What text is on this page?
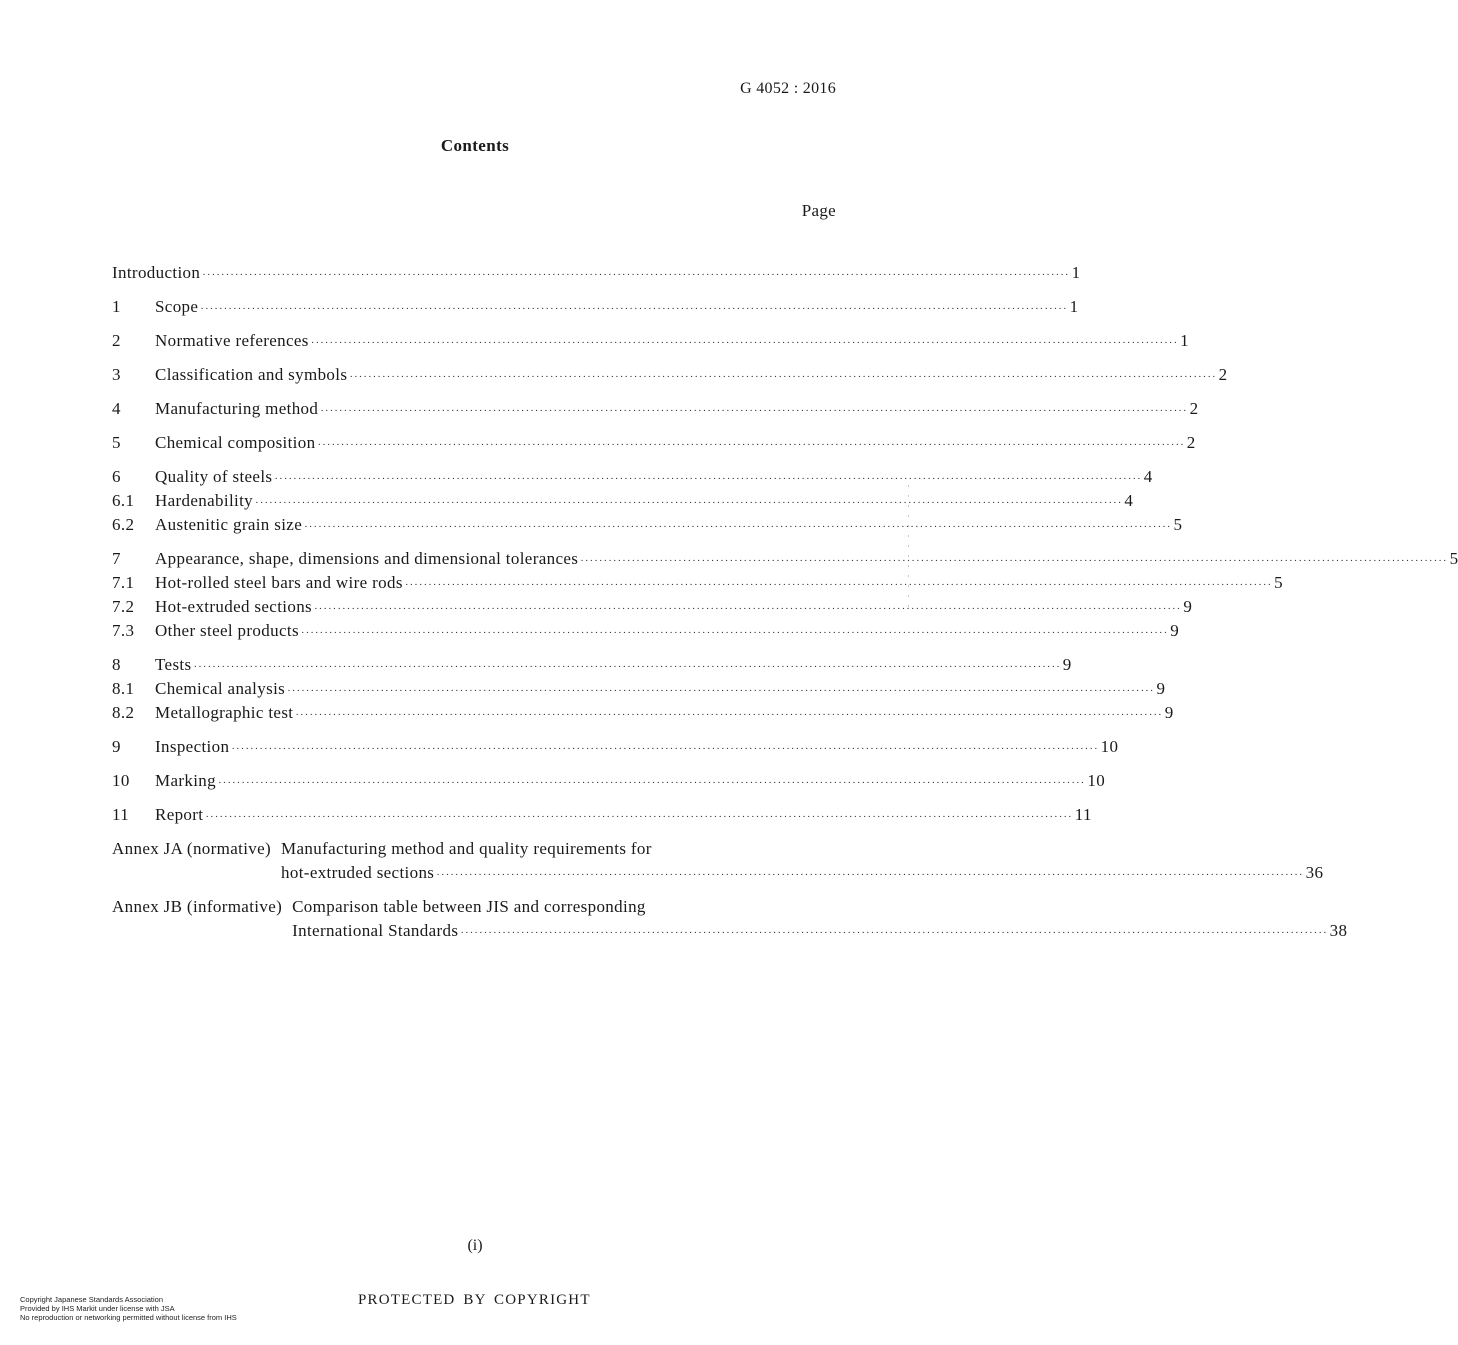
G 4052 : 2016
Contents
Page
Introduction ·····	1
1	Scope ·····	1
2	Normative references ·····	1
3	Classification and symbols ·····	2
4	Manufacturing method ·····	2
5	Chemical composition ·····	2
6	Quality of steels ·····	4
6.1	Hardenability ·····	4
6.2	Austenitic grain size ·····	5
7	Appearance, shape, dimensions and dimensional tolerances ·····	5
7.1	Hot-rolled steel bars and wire rods ·····	5
7.2	Hot-extruded sections ·····	9
7.3	Other steel products ·····	9
8	Tests ·····	9
8.1	Chemical analysis ·····	9
8.2	Metallographic test ·····	9
9	Inspection ·····	10
10	Marking ·····	10
11	Report ·····	11
Annex JA (normative) Manufacturing method and quality requirements for
hot-extruded sections ·····	36
Annex JB (informative) Comparison table between JIS and corresponding
International Standards ·····	38
(i)
Copyright Japanese Standards Association
Provided by IHS Markit under license with JSA
No reproduction or networking permitted without license from IHS
PROTECTED BY COPYRIGHT
